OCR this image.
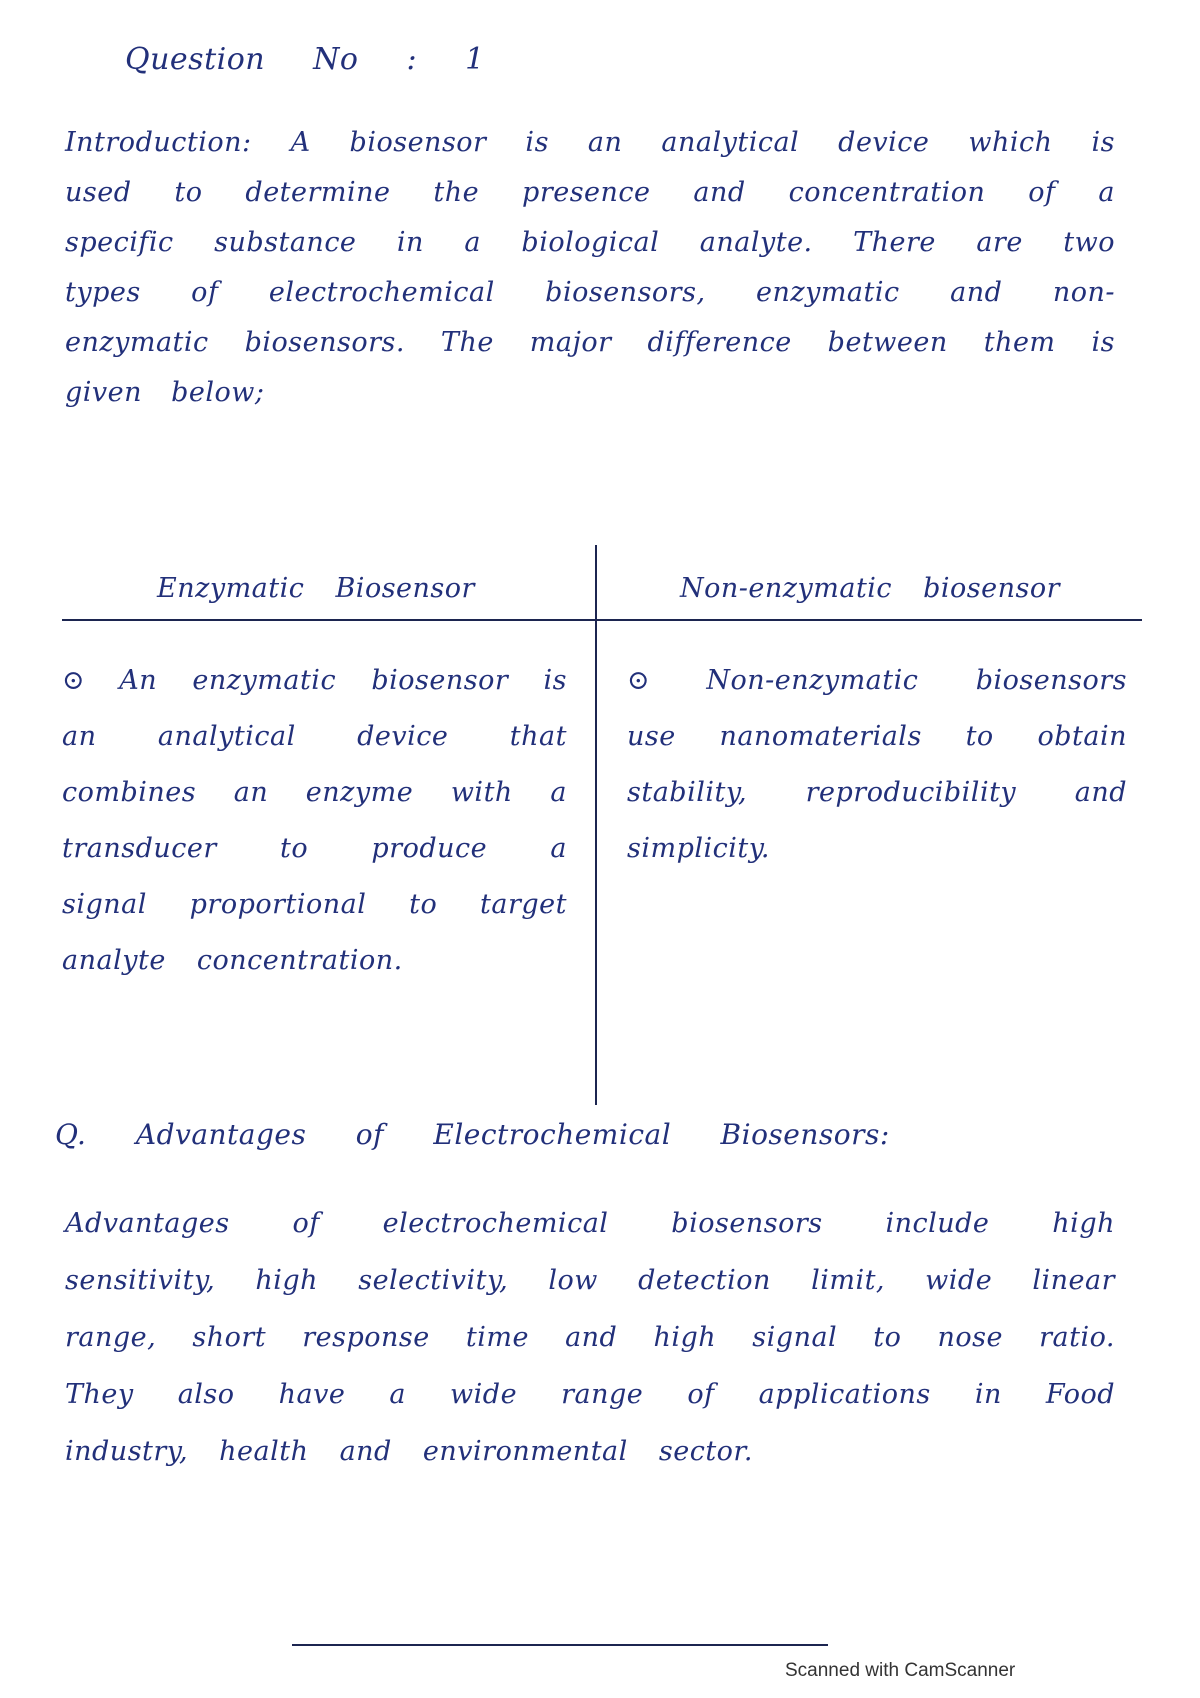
Question No : 1
Introduction: A biosensor is an analytical device which is used to determine the presence and concentration of a specific substance in a biological analyte. There are two types of electrochemical biosensors, enzymatic and non-enzymatic biosensors. The major difference between them is given below;
Enzymatic Biosensor	Non-enzymatic biosensor
⊙ An enzymatic biosensor is an analytical device that combines an enzyme with a transducer to produce a signal proportional to target analyte concentration.
⊙ Non-enzymatic biosensors use nanomaterials to obtain stability, reproducibility and simplicity.
Q. Advantages of Electrochemical Biosensors:
Advantages of electrochemical biosensors include high sensitivity, high selectivity, low detection limit, wide linear range, short response time and high signal to nose ratio. They also have a wide range of applications in Food industry, health and environmental sector.
Scanned with CamScanner
